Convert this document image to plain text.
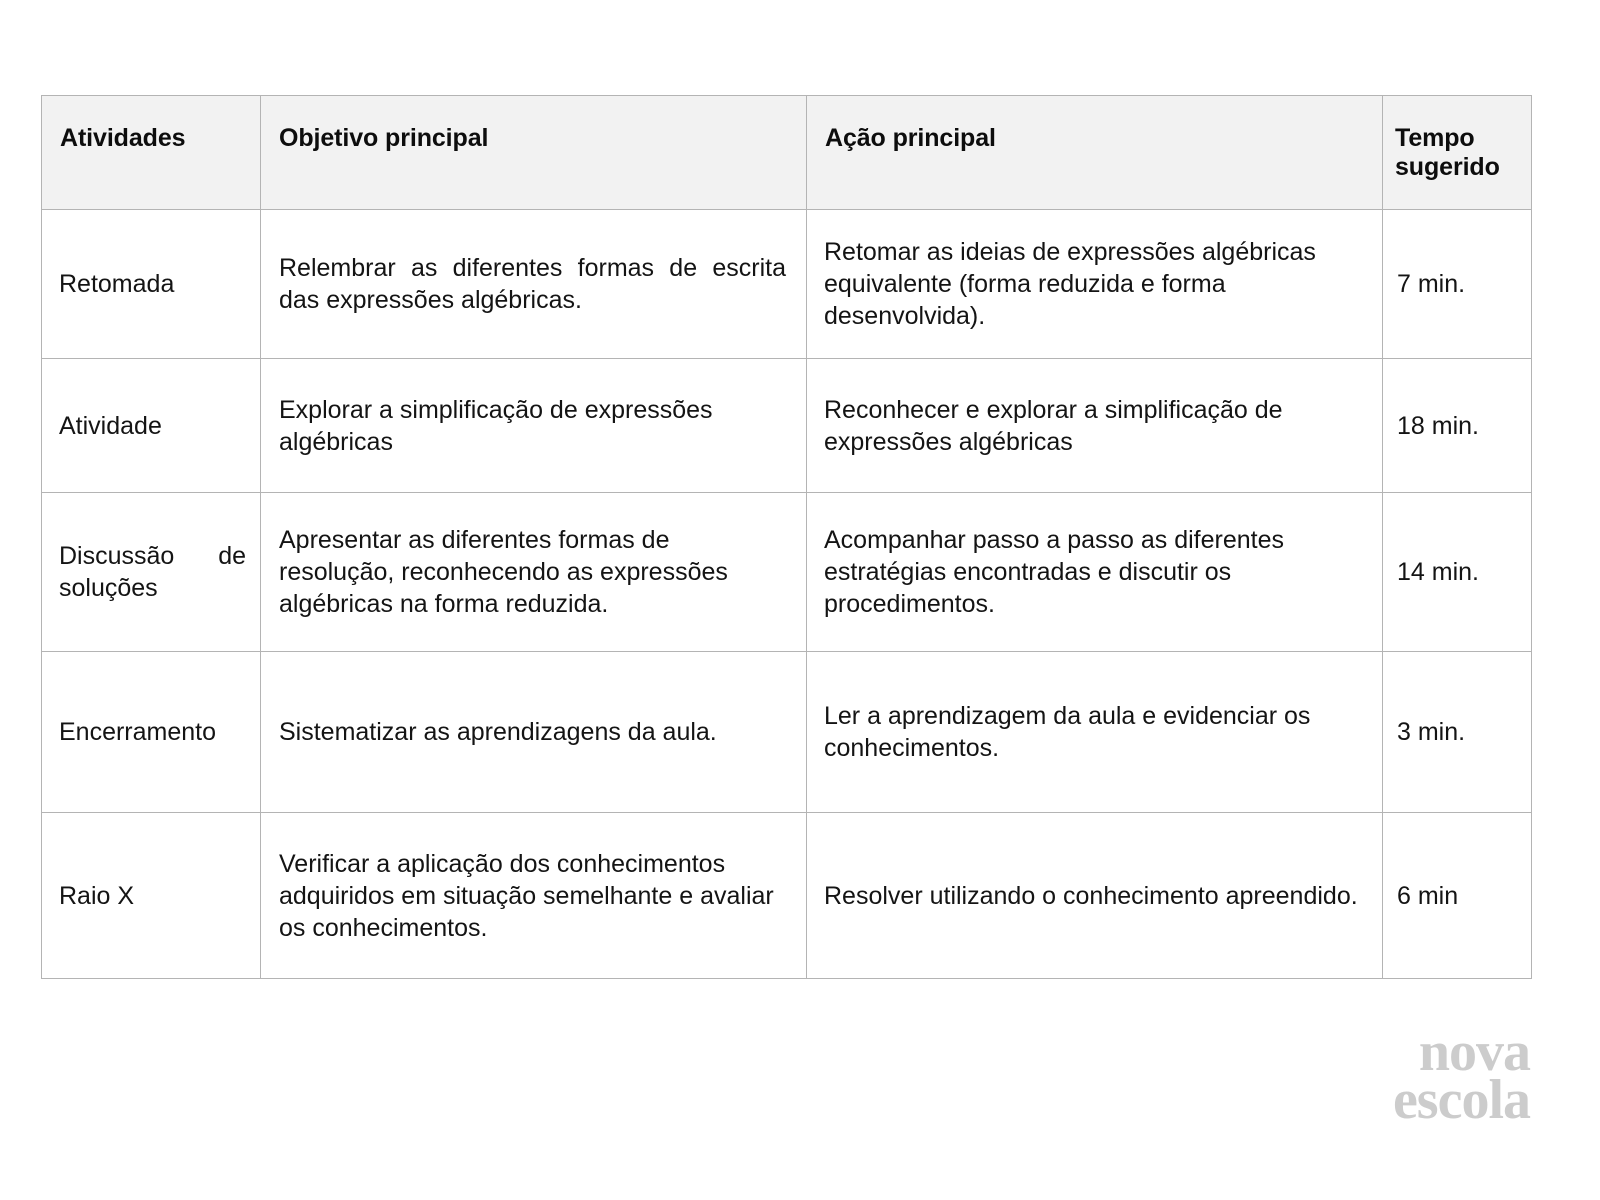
Atividades	Objetivo principal	Ação principal	Tempo
sugerido

Retomada	Relembrar as diferentes formas de escrita das expressões algébricas.	Retomar as ideias de expressões algébricas equivalente (forma reduzida e forma desenvolvida).	7 min.

Atividade	Explorar a simplificação de expressões algébricas	Reconhecer e explorar a simplificação de expressões algébricas	18 min.

Discussão de soluções	Apresentar as diferentes formas de resolução, reconhecendo as expressões algébricas na forma reduzida.	Acompanhar passo a passo as diferentes estratégias encontradas e discutir os procedimentos.	14 min.

Encerramento	Sistematizar as aprendizagens da aula.	Ler a aprendizagem da aula e evidenciar os conhecimentos.	3 min.

Raio X	Verificar a aplicação dos conhecimentos adquiridos em situação semelhante e avaliar os conhecimentos.	Resolver utilizando o conhecimento apreendido.	6 min
nova
escola
